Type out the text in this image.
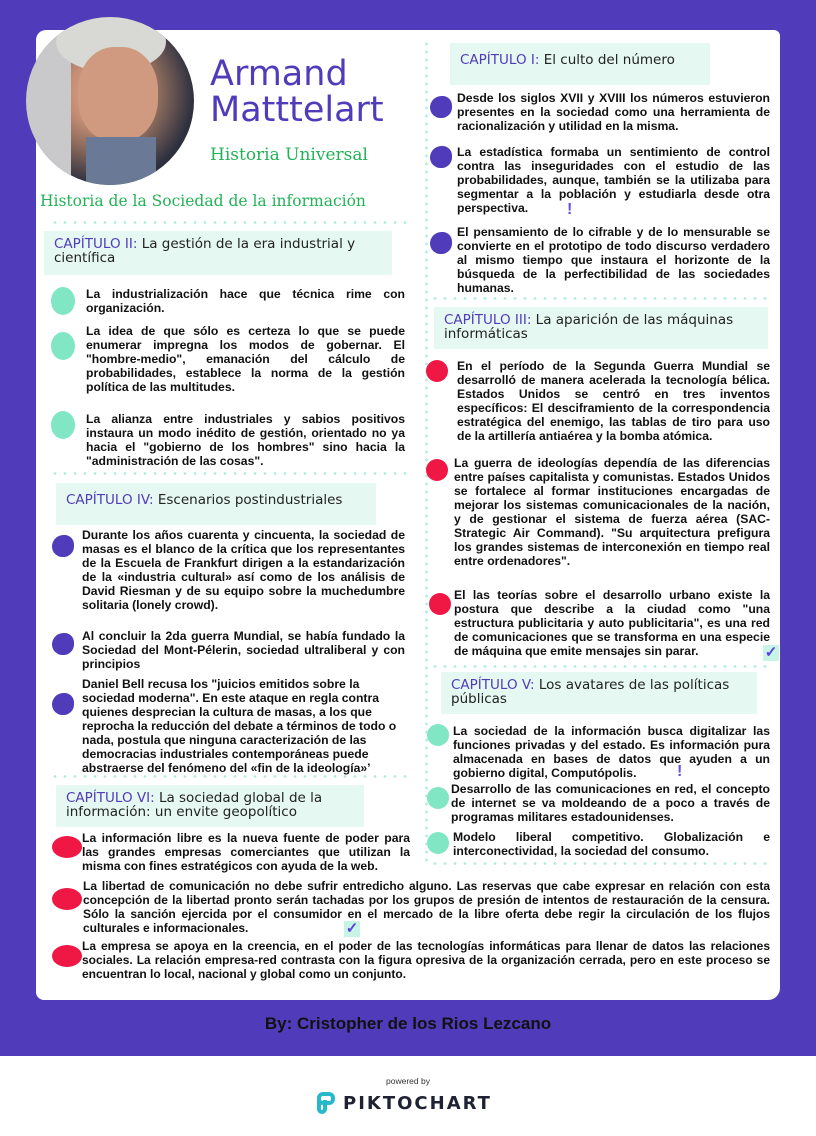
Armand
Matttelart
Historia Universal
Historia de la Sociedad de la información
CAPÍTULO I: El culto del número
Desde los siglos XVII y XVIII los números estuvieron presentes en la sociedad como una herramienta de racionalización y utilidad en la misma.
La estadística formaba un sentimiento de control contra las inseguridades con el estudio de las probabilidades, aunque, también se la utilizaba para segmentar a la población y estudiarla desde otra perspectiva.	!
El pensamiento de lo cifrable y de lo mensurable se convierte en el prototipo de todo discurso verdadero al mismo tiempo que instaura el horizonte de la búsqueda de la perfectibilidad de las sociedades humanas.
CAPÍTULO II: La gestión de la era industrial y científica
La industrialización hace que técnica rime con organización.
La idea de que sólo es certeza lo que se puede enumerar impregna los modos de gobernar. El "hombre-medio", emanación del cálculo de probabilidades, establece la norma de la gestión política de las multitudes.
La alianza entre industriales y sabios positivos instaura un modo inédito de gestión, orientado no ya hacia el "gobierno de los hombres" sino hacia la "administración de las cosas".
CAPÍTULO III: La aparición de las máquinas informáticas
En el período de la Segunda Guerra Mundial se desarrolló de manera acelerada la tecnología bélica. Estados Unidos se centró en tres inventos específicos: El desciframiento de la correspondencia estratégica del enemigo, las tablas de tiro para uso de la artillería antiaérea y la bomba atómica.
La guerra de ideologías dependía de las diferencias entre países capitalista y comunistas. Estados Unidos se fortalece al formar instituciones encargadas de mejorar los sistemas comunicacionales de la nación, y de gestionar el sistema de fuerza aérea (SAC- Strategic Air Command). "Su arquitectura prefigura los grandes sistemas de interconexión en tiempo real entre ordenadores".
El las teorías sobre el desarrollo urbano existe la postura que describe a la ciudad como "una estructura publicitaria y auto publicitaria", es una red de comunicaciones que se transforma en una especie de máquina que emite mensajes sin parar.	✓
CAPÍTULO IV: Escenarios postindustriales
Durante los años cuarenta y cincuenta, la sociedad de masas es el blanco de la crítica que los representantes de la Escuela de Frankfurt dirigen a la estandarización de la «industria cultural» así como de los análisis de David Riesman y de su equipo sobre la muchedumbre solitaria (lonely crowd).
Al concluir la 2da guerra Mundial, se había fundado la Sociedad del Mont-Pélerin, sociedad ultraliberal y con principios
Daniel Bell recusa los "juicios emitidos sobre la sociedad moderna". En este ataque en regla contra quienes desprecian la cultura de masas, a los que reprocha la reducción del debate a términos de todo o nada, postula que ninguna caracterización de las democracias industriales contemporáneas puede abstraerse del fenómeno del «fin de la ideología»’
CAPÍTULO V: Los avatares de las políticas públicas
La sociedad de la información busca digitalizar las funciones privadas y del estado. Es información pura almacenada en bases de datos que ayuden a un gobierno digital, Computópolis.	!
Desarrollo de las comunicaciones en red, el concepto de internet se va moldeando de a poco a través de programas militares estadounidenses.
Modelo liberal competitivo. Globalización e interconectividad, la sociedad del consumo.
CAPÍTULO VI: La sociedad global de la información: un envite geopolítico
La información libre es la nueva fuente de poder para las grandes empresas comerciantes que utilizan la misma con fines estratégicos con ayuda de la web.
La libertad de comunicación no debe sufrir entredicho alguno. Las reservas que cabe expresar en relación con esta concepción de la libertad pronto serán tachadas por los grupos de presión de intentos de restauración de la censura. Sólo la sanción ejercida por el consumidor en el mercado de la libre oferta debe regir la circulación de los flujos culturales e informacionales.	✓
La empresa se apoya en la creencia, en el poder de las tecnologías informáticas para llenar de datos las relaciones sociales. La relación empresa-red contrasta con la figura opresiva de la organización cerrada, pero en este proceso se encuentran lo local, nacional y global como un conjunto.
By: Cristopher de los Rios Lezcano
powered by
PIKTOCHART
